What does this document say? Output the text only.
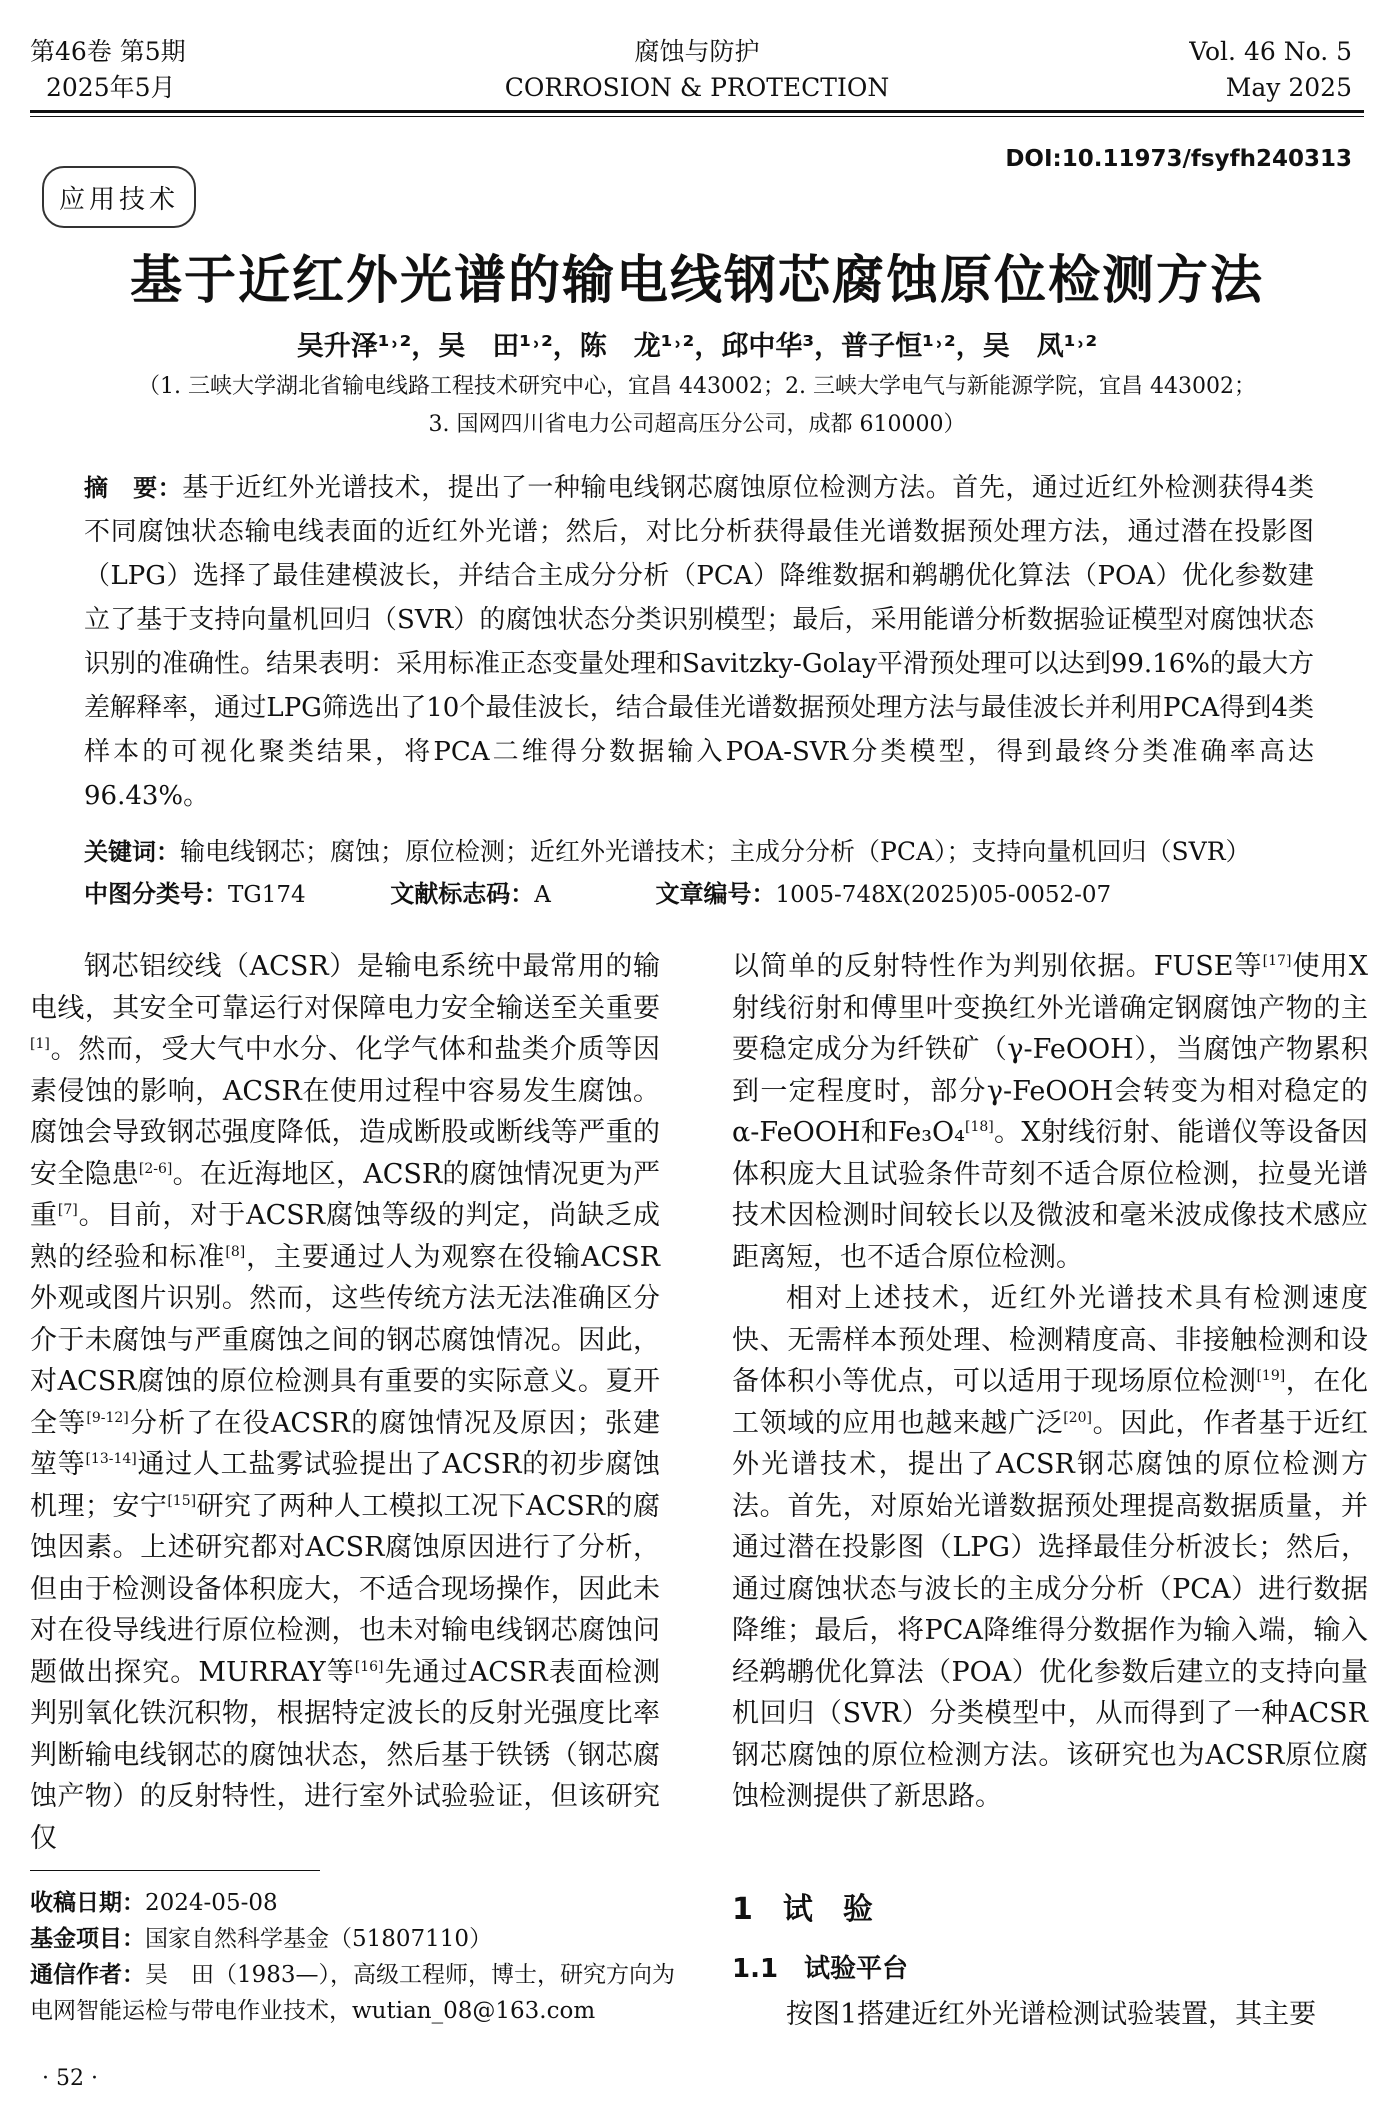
第46卷 第5期
2025年5月
腐蚀与防护
CORROSION & PROTECTION
Vol. 46 No. 5
May 2025
DOI:10.11973/fsyfh240313
应用技术
基于近红外光谱的输电线钢芯腐蚀原位检测方法
吴升泽¹˒²，吴　田¹˒²，陈　龙¹˒²，邱中华³，普子恒¹˒²，吴　凤¹˒²
（1. 三峡大学湖北省输电线路工程技术研究中心，宜昌 443002；2. 三峡大学电气与新能源学院，宜昌 443002；
3. 国网四川省电力公司超高压分公司，成都 610000）

摘　要：基于近红外光谱技术，提出了一种输电线钢芯腐蚀原位检测方法。首先，通过近红外检测获得4类不同腐蚀状态输电线表面的近红外光谱；然后，对比分析获得最佳光谱数据预处理方法，通过潜在投影图（LPG）选择了最佳建模波长，并结合主成分分析（PCA）降维数据和鹈鹕优化算法（POA）优化参数建立了基于支持向量机回归（SVR）的腐蚀状态分类识别模型；最后，采用能谱分析数据验证模型对腐蚀状态识别的准确性。结果表明：采用标准正态变量处理和Savitzky-Golay平滑预处理可以达到99.16%的最大方差解释率，通过LPG筛选出了10个最佳波长，结合最佳光谱数据预处理方法与最佳波长并利用PCA得到4类样本的可视化聚类结果，将PCA二维得分数据输入POA-SVR分类模型，得到最终分类准确率高达96.43%。

关键词：输电线钢芯；腐蚀；原位检测；近红外光谱技术；主成分分析（PCA）；支持向量机回归（SVR）
中图分类号：TG174	文献标志码：A	文章编号：1005-748X(2025)05-0052-07

钢芯铝绞线（ACSR）是输电系统中最常用的输电线，其安全可靠运行对保障电力安全输送至关重要[1]。然而，受大气中水分、化学气体和盐类介质等因素侵蚀的影响，ACSR在使用过程中容易发生腐蚀。腐蚀会导致钢芯强度降低，造成断股或断线等严重的安全隐患[2-6]。在近海地区，ACSR的腐蚀情况更为严重[7]。目前，对于ACSR腐蚀等级的判定，尚缺乏成熟的经验和标准[8]，主要通过人为观察在役输ACSR外观或图片识别。然而，这些传统方法无法准确区分介于未腐蚀与严重腐蚀之间的钢芯腐蚀情况。因此，对ACSR腐蚀的原位检测具有重要的实际意义。夏开全等[9-12]分析了在役ACSR的腐蚀情况及原因；张建堃等[13-14]通过人工盐雾试验提出了ACSR的初步腐蚀机理；安宁[15]研究了两种人工模拟工况下ACSR的腐蚀因素。上述研究都对ACSR腐蚀原因进行了分析，但由于检测设备体积庞大，不适合现场操作，因此未对在役导线进行原位检测，也未对输电线钢芯腐蚀问题做出探究。MURRAY等[16]先通过ACSR表面检测判别氧化铁沉积物，根据特定波长的反射光强度比率判断输电线钢芯的腐蚀状态，然后基于铁锈（钢芯腐蚀产物）的反射特性，进行室外试验验证，但该研究仅

以简单的反射特性作为判别依据。FUSE等[17]使用X射线衍射和傅里叶变换红外光谱确定钢腐蚀产物的主要稳定成分为纤铁矿（γ-FeOOH），当腐蚀产物累积到一定程度时，部分γ-FeOOH会转变为相对稳定的α-FeOOH和Fe₃O₄[18]。X射线衍射、能谱仪等设备因体积庞大且试验条件苛刻不适合原位检测，拉曼光谱技术因检测时间较长以及微波和毫米波成像技术感应距离短，也不适合原位检测。

相对上述技术，近红外光谱技术具有检测速度快、无需样本预处理、检测精度高、非接触检测和设备体积小等优点，可以适用于现场原位检测[19]，在化工领域的应用也越来越广泛[20]。因此，作者基于近红外光谱技术，提出了ACSR钢芯腐蚀的原位检测方法。首先，对原始光谱数据预处理提高数据质量，并通过潜在投影图（LPG）选择最佳分析波长；然后，通过腐蚀状态与波长的主成分分析（PCA）进行数据降维；最后，将PCA降维得分数据作为输入端，输入经鹈鹕优化算法（POA）优化参数后建立的支持向量机回归（SVR）分类模型中，从而得到了一种ACSR钢芯腐蚀的原位检测方法。该研究也为ACSR原位腐蚀检测提供了新思路。

1　试　验
1.1　试验平台

按图1搭建近红外光谱检测试验装置，其主要

收稿日期：2024-05-08
基金项目：国家自然科学基金（51807110）
通信作者：吴　田（1983—），高级工程师，博士，研究方向为
电网智能运检与带电作业技术，wutian_08@163.com
· 52 ·
